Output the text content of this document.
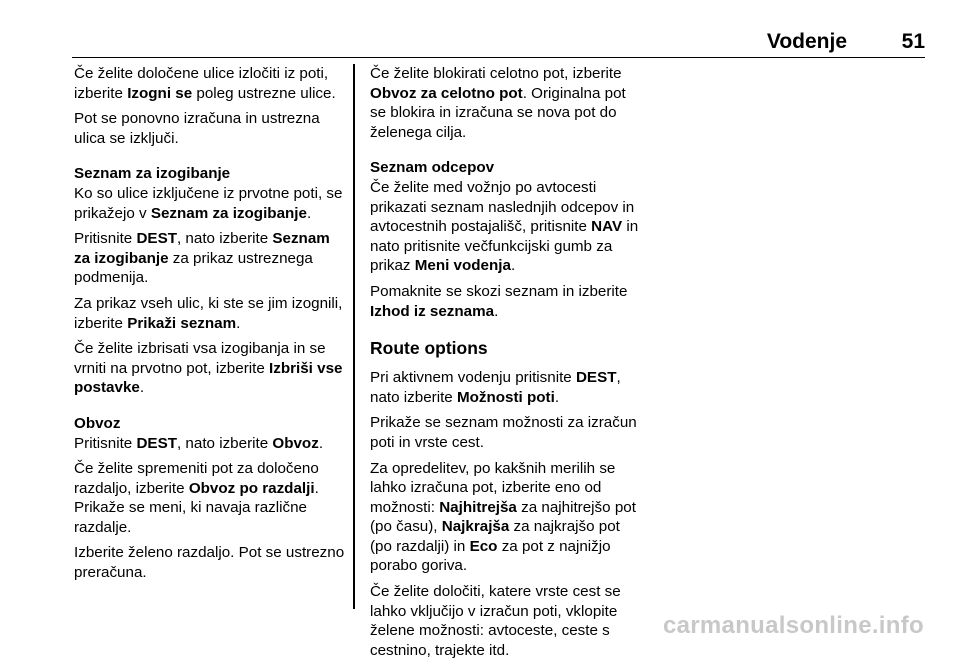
Vodenje	51

Če želite določene ulice izločiti iz poti, izberite Izogni se poleg ustrezne ulice.

Pot se ponovno izračuna in ustrezna ulica se izključi.

Seznam za izogibanje
Ko so ulice izključene iz prvotne poti, se prikažejo v Seznam za izogibanje.

Pritisnite DEST, nato izberite Seznam za izogibanje za prikaz ustreznega podmenija.

Za prikaz vseh ulic, ki ste se jim izognili, izberite Prikaži seznam.

Če želite izbrisati vsa izogibanja in se vrniti na prvotno pot, izberite Izbriši vse postavke.

Obvoz
Pritisnite DEST, nato izberite Obvoz.

Če želite spremeniti pot za določeno razdaljo, izberite Obvoz po razdalji. Prikaže se meni, ki navaja različne razdalje.

Izberite želeno razdaljo. Pot se ustrezno preračuna.

Če želite blokirati celotno pot, izberite Obvoz za celotno pot. Originalna pot se blokira in izračuna se nova pot do želenega cilja.

Seznam odcepov
Če želite med vožnjo po avtocesti prikazati seznam naslednjih odcepov in avtocestnih postajališč, pritisnite NAV in nato pritisnite večfunkcijski gumb za prikaz Meni vodenja.

Pomaknite se skozi seznam in izberite Izhod iz seznama.

Route options

Pri aktivnem vodenju pritisnite DEST, nato izberite Možnosti poti.

Prikaže se seznam možnosti za izračun poti in vrste cest.

Za opredelitev, po kakšnih merilih se lahko izračuna pot, izberite eno od možnosti: Najhitrejša za najhitrejšo pot (po času), Najkrajša za najkrajšo pot (po razdalji) in Eco za pot z najnižjo porabo goriva.

Če želite določiti, katere vrste cest se lahko vključijo v izračun poti, vklopite želene možnosti: avtoceste, ceste s cestnino, trajekte itd.

carmanualsonline.info
